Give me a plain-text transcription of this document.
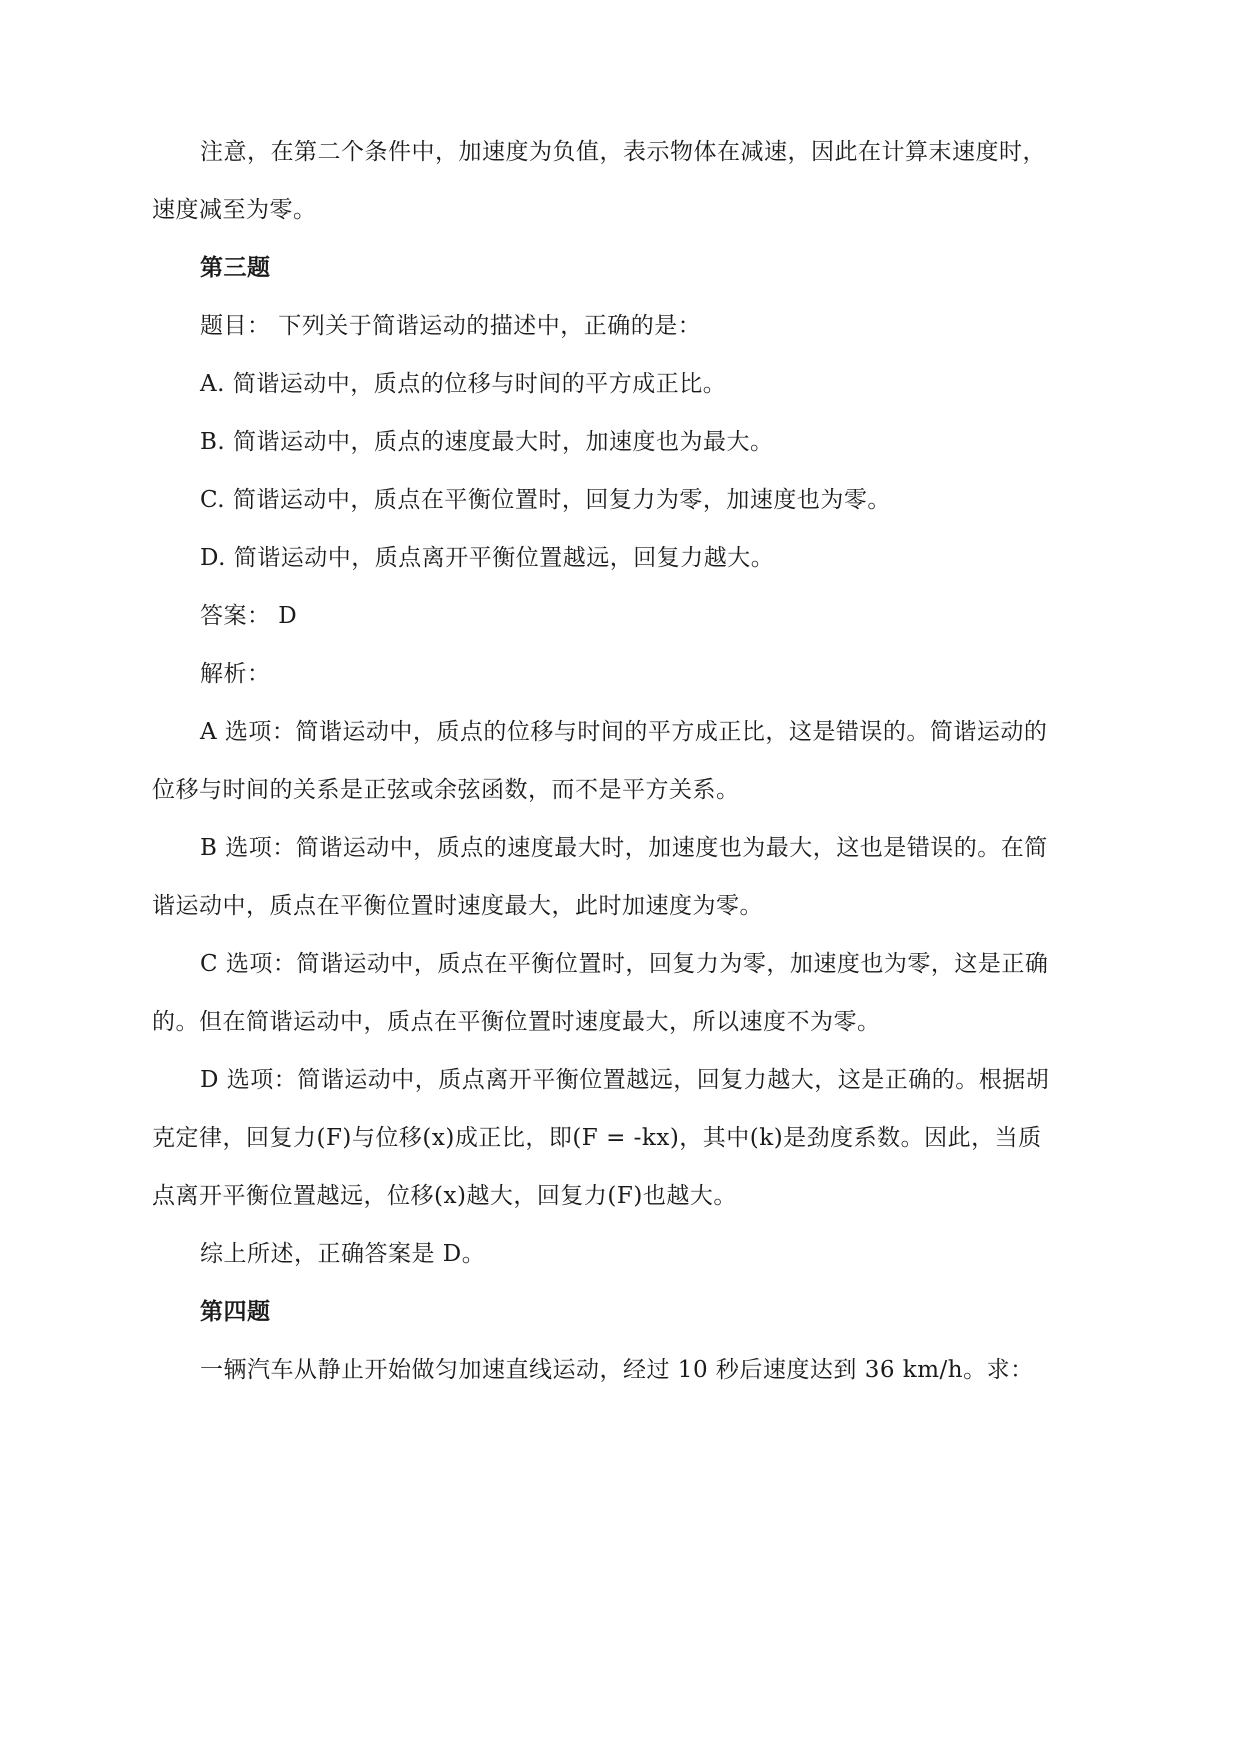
注意，在第二个条件中，加速度为负值，表示物体在减速，因此在计算末速度时，
速度减至为零。
第三题
题目： 下列关于简谐运动的描述中，正确的是：
A. 简谐运动中，质点的位移与时间的平方成正比。
B. 简谐运动中，质点的速度最大时，加速度也为最大。
C. 简谐运动中，质点在平衡位置时，回复力为零，加速度也为零。
D. 简谐运动中，质点离开平衡位置越远，回复力越大。
答案： D
解析：
A 选项：简谐运动中，质点的位移与时间的平方成正比，这是错误的。简谐运动的
位移与时间的关系是正弦或余弦函数，而不是平方关系。
B 选项：简谐运动中，质点的速度最大时，加速度也为最大，这也是错误的。在简
谐运动中，质点在平衡位置时速度最大，此时加速度为零。
C 选项：简谐运动中，质点在平衡位置时，回复力为零，加速度也为零，这是正确
的。但在简谐运动中，质点在平衡位置时速度最大，所以速度不为零。
D 选项：简谐运动中，质点离开平衡位置越远，回复力越大，这是正确的。根据胡
克定律，回复力(F)与位移(x)成正比，即(F = -kx)，其中(k)是劲度系数。因此，当质
点离开平衡位置越远，位移(x)越大，回复力(F)也越大。
综上所述，正确答案是 D。
第四题
一辆汽车从静止开始做匀加速直线运动，经过 10 秒后速度达到 36 km/h。求：
